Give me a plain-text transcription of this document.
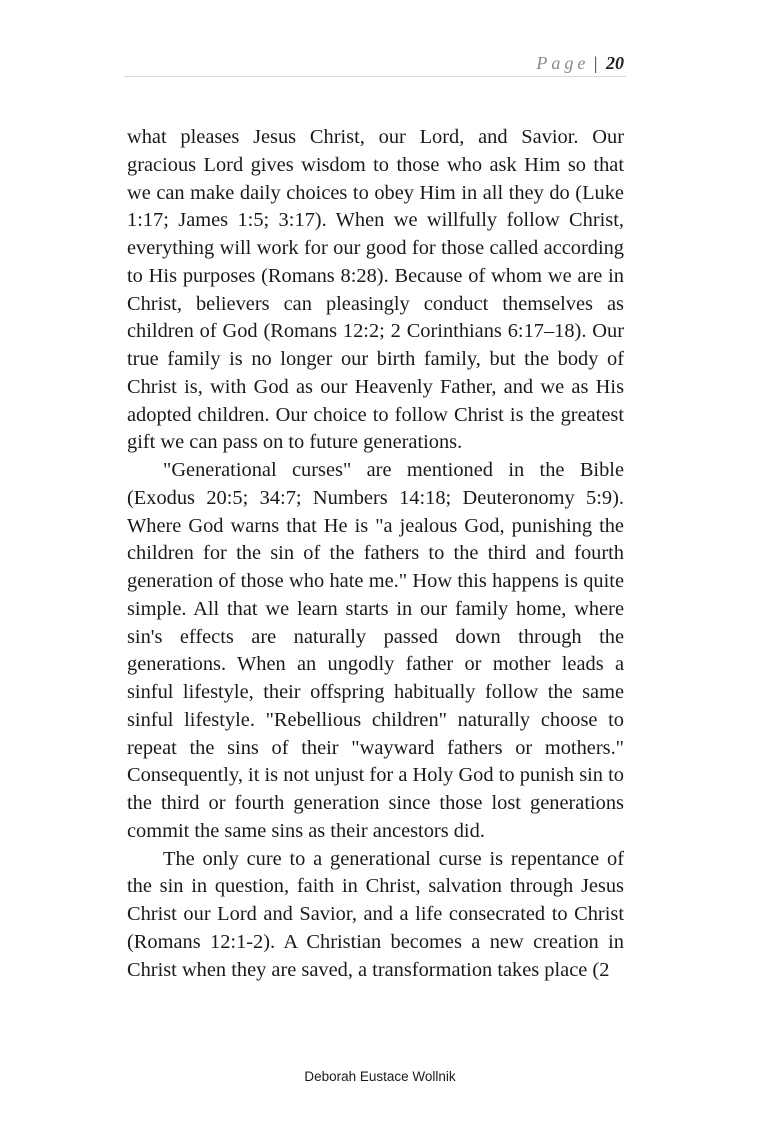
Page | 20

what pleases Jesus Christ, our Lord, and Savior. Our gracious Lord gives wisdom to those who ask Him so that we can make daily choices to obey Him in all they do (Luke 1:17; James 1:5; 3:17). When we willfully follow Christ, everything will work for our good for those called according to His purposes (Romans 8:28). Because of whom we are in Christ, believers can pleasingly conduct themselves as children of God (Romans 12:2; 2 Corinthians 6:17–18). Our true family is no longer our birth family, but the body of Christ is, with God as our Heavenly Father, and we as His adopted children. Our choice to follow Christ is the greatest gift we can pass on to future generations.

"Generational curses" are mentioned in the Bible (Exodus 20:5; 34:7; Numbers 14:18; Deuteronomy 5:9). Where God warns that He is "a jealous God, punishing the children for the sin of the fathers to the third and fourth generation of those who hate me." How this happens is quite simple. All that we learn starts in our family home, where sin's effects are naturally passed down through the generations. When an ungodly father or mother leads a sinful lifestyle, their offspring habitually follow the same sinful lifestyle. "Rebellious children" naturally choose to repeat the sins of their "wayward fathers or mothers." Consequently, it is not unjust for a Holy God to punish sin to the third or fourth generation since those lost generations commit the same sins as their ancestors did.

The only cure to a generational curse is repentance of the sin in question, faith in Christ, salvation through Jesus Christ our Lord and Savior, and a life consecrated to Christ (Romans 12:1-2). A Christian becomes a new creation in Christ when they are saved, a transformation takes place (2

Deborah Eustace Wollnik
